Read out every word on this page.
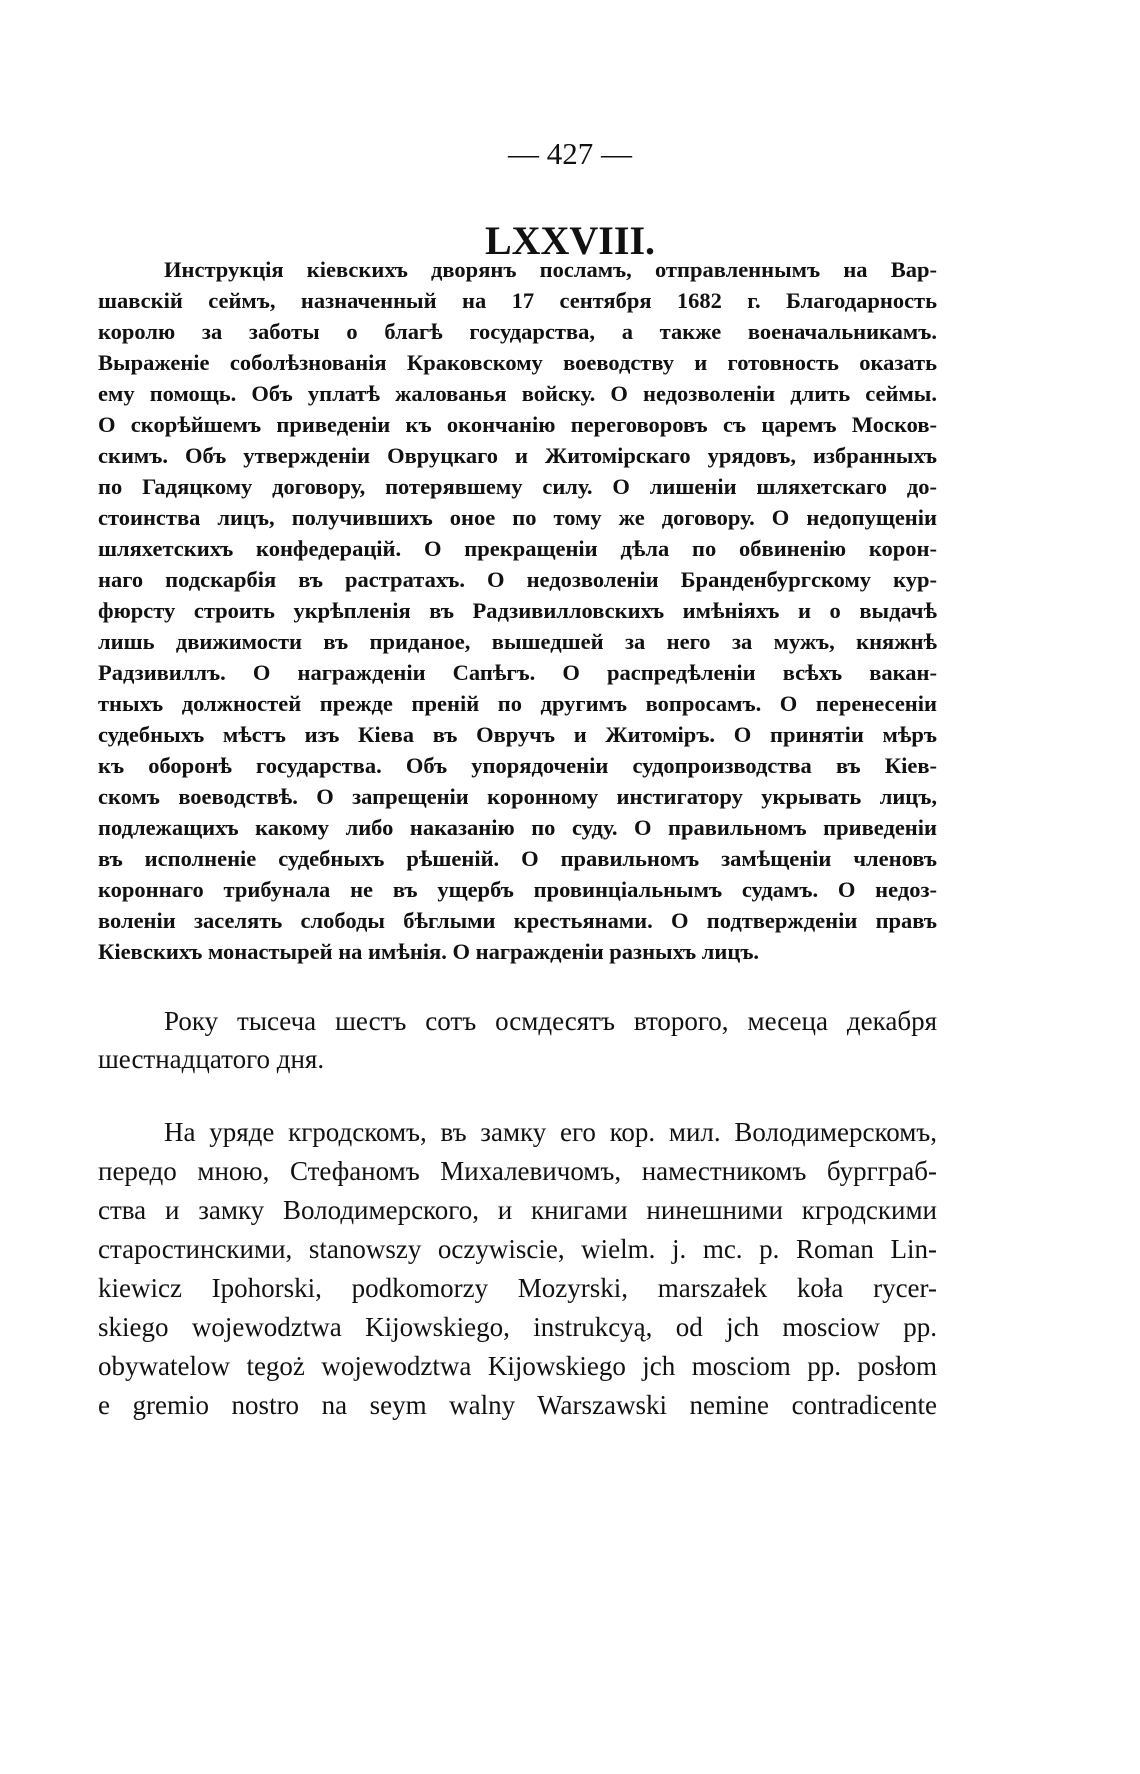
— 427 —
LXXVIII.

Инструкція кіевскихъ дворянъ посламъ, отправленнымъ на Вар-

шавскій сеймъ, назначенный на 17 сентября 1682 г. Благодарность

королю за заботы о благѣ государства, а также военачальникамъ.

Выраженіе соболѣзнованія Краковскому воеводству и готовность оказать

ему помощь. Объ уплатѣ жалованья войску. О недозволеніи длить сеймы.

О скорѣйшемъ приведеніи къ окончанію переговоровъ съ царемъ Москов-

скимъ. Объ утвержденіи Овруцкаго и Житомірскаго урядовъ, избранныхъ

по Гадяцкому договору, потерявшему силу. О лишеніи шляхетскаго до-

стоинства лицъ, получившихъ оное по тому же договору. О недопущеніи

шляхетскихъ конфедерацій. О прекращеніи дѣла по обвиненію корон-

наго подскарбія въ растратахъ. О недозволеніи Бранденбургскому кур-

фюрсту строить укрѣпленія въ Радзивилловскихъ имѣніяхъ и о выдачѣ

лишь движимости въ приданое, вышедшей за него за мужъ, княжнѣ

Радзивиллъ. О награжденіи Сапѣгъ. О распредѣленіи всѣхъ вакан-

тныхъ должностей прежде преній по другимъ вопросамъ. О перенесеніи

судебныхъ мѣстъ изъ Кіева въ Овручъ и Житоміръ. О принятіи мѣръ

къ оборонѣ государства. Объ упорядоченіи судопроизводства въ Кіев-

скомъ воеводствѣ. О запрещеніи коронному инстигатору укрывать лицъ,

подлежащихъ какому либо наказанію по суду. О правильномъ приведеніи

въ исполненіе судебныхъ рѣшеній. О правильномъ замѣщеніи членовъ

короннаго трибунала не въ ущербъ провинціальнымъ судамъ. О недоз-

воленіи заселять слободы бѣглыми крестьянами. О подтвержденіи правъ

Кіевскихъ монастырей на имѣнія. О награжденіи разныхъ лицъ.

Року тысеча шестъ сотъ осмдесятъ второго, месеца декабря

шестнадцатого дня.

На уряде кгродскомъ, въ замку его кор. мил. Володимерскомъ,

передо мною, Стефаномъ Михалевичомъ, наместникомъ бургграб-

ства и замку Володимерского, и книгами нинешними кгродскими

старостинскими, stanowszy oczywiscie, wielm. j. mc. p. Roman Lin-

kiewicz Ipohorski, podkomorzy Mozyrski, marszałek koła rycer-

skiego wojewodztwa Kijowskiego, instrukcyą, od jch mosciow pp.

obywatelow tegoż wojewodztwa Kijowskiego jch mosciom pp. posłom

e gremio nostro na seym walny Warszawski nemine contradicente
